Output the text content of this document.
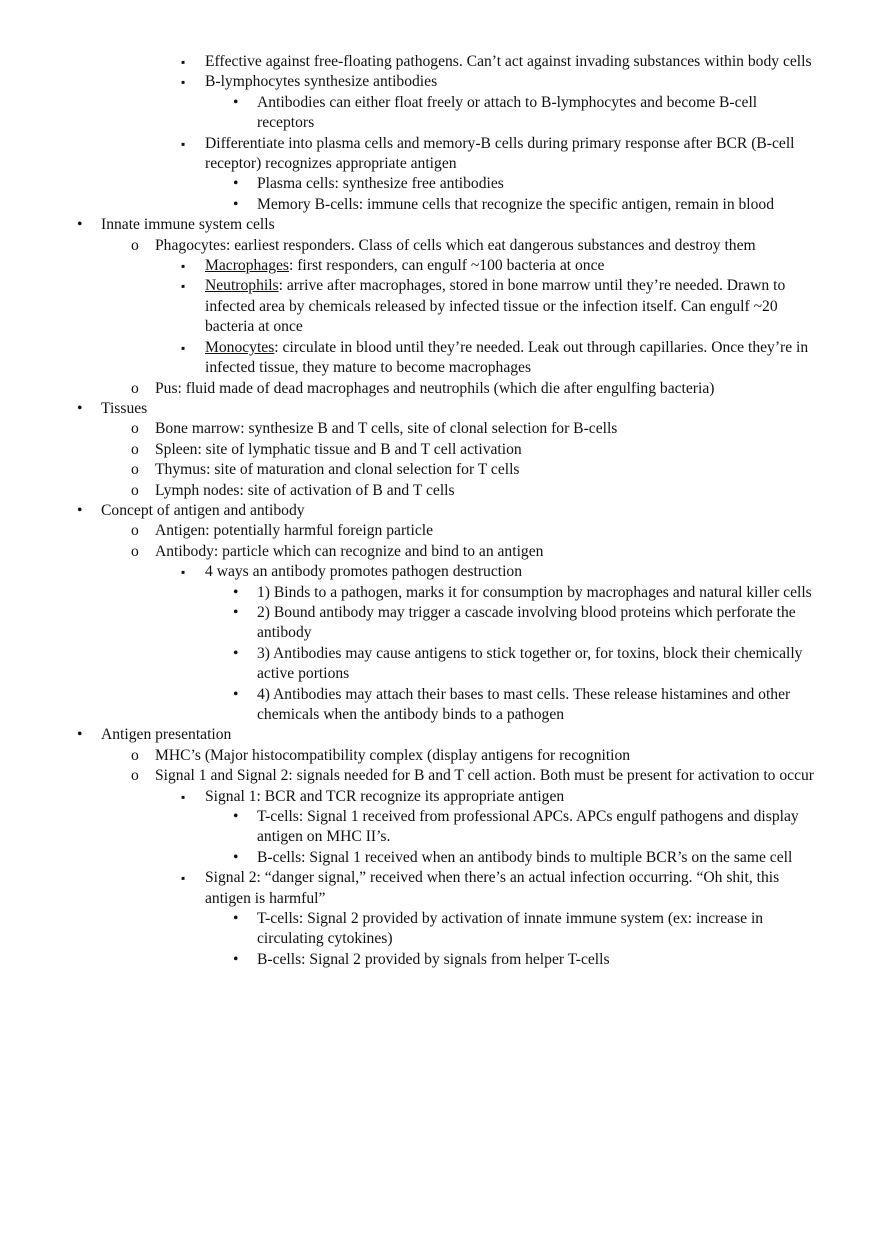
▪ Effective against free-floating pathogens. Can’t act against invading substances within body cells
▪ B-lymphocytes synthesize antibodies
• Antibodies can either float freely or attach to B-lymphocytes and become B-cell receptors
▪ Differentiate into plasma cells and memory-B cells during primary response after BCR (B-cell receptor) recognizes appropriate antigen
• Plasma cells: synthesize free antibodies
• Memory B-cells: immune cells that recognize the specific antigen, remain in blood
• Innate immune system cells
o Phagocytes: earliest responders. Class of cells which eat dangerous substances and destroy them
▪ Macrophages: first responders, can engulf ~100 bacteria at once
▪ Neutrophils: arrive after macrophages, stored in bone marrow until they’re needed. Drawn to infected area by chemicals released by infected tissue or the infection itself. Can engulf ~20 bacteria at once
▪ Monocytes: circulate in blood until they’re needed. Leak out through capillaries. Once they’re in infected tissue, they mature to become macrophages
o Pus: fluid made of dead macrophages and neutrophils (which die after engulfing bacteria)
• Tissues
o Bone marrow: synthesize B and T cells, site of clonal selection for B-cells
o Spleen: site of lymphatic tissue and B and T cell activation
o Thymus: site of maturation and clonal selection for T cells
o Lymph nodes: site of activation of B and T cells
• Concept of antigen and antibody
o Antigen: potentially harmful foreign particle
o Antibody: particle which can recognize and bind to an antigen
▪ 4 ways an antibody promotes pathogen destruction
• 1) Binds to a pathogen, marks it for consumption by macrophages and natural killer cells
• 2) Bound antibody may trigger a cascade involving blood proteins which perforate the antibody
• 3) Antibodies may cause antigens to stick together or, for toxins, block their chemically active portions
• 4) Antibodies may attach their bases to mast cells. These release histamines and other chemicals when the antibody binds to a pathogen
• Antigen presentation
o MHC’s (Major histocompatibility complex (display antigens for recognition
o Signal 1 and Signal 2: signals needed for B and T cell action. Both must be present for activation to occur
▪ Signal 1: BCR and TCR recognize its appropriate antigen
• T-cells: Signal 1 received from professional APCs. APCs engulf pathogens and display antigen on MHC II’s.
• B-cells: Signal 1 received when an antibody binds to multiple BCR’s on the same cell
▪ Signal 2: “danger signal,” received when there’s an actual infection occurring. “Oh shit, this antigen is harmful”
• T-cells: Signal 2 provided by activation of innate immune system (ex: increase in circulating cytokines)
• B-cells: Signal 2 provided by signals from helper T-cells
